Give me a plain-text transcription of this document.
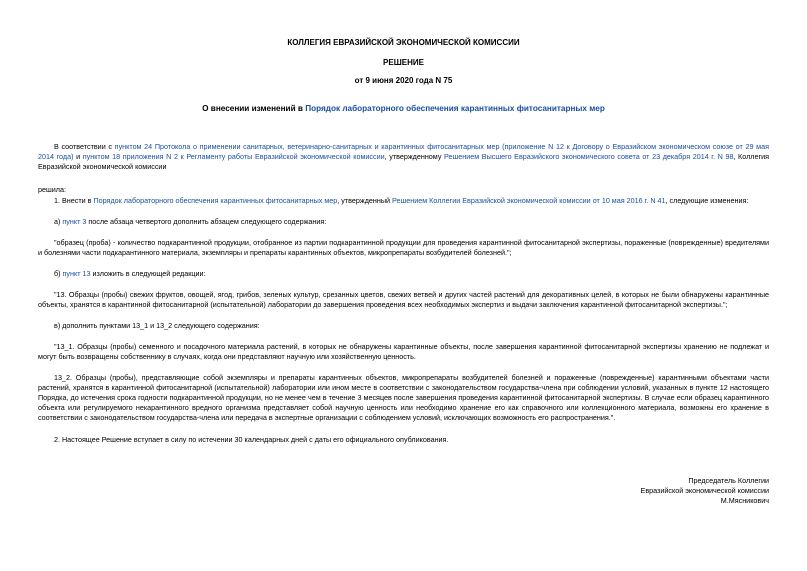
КОЛЛЕГИЯ ЕВРАЗИЙСКОЙ ЭКОНОМИЧЕСКОЙ КОМИССИИ
РЕШЕНИЕ
от 9 июня 2020 года N 75
О внесении изменений в Порядок лабораторного обеспечения карантинных фитосанитарных мер

В соответствии с пунктом 24 Протокола о применении санитарных, ветеринарно-санитарных и карантинных фитосанитарных мер (приложение N 12 к Договору о Евразийском экономическом союзе от 29 мая 2014 года) и пунктом 18 приложения N 2 к Регламенту работы Евразийской экономической комиссии, утвержденному Решением Высшего Евразийского экономического совета от 23 декабря 2014 г. N 98, Коллегия Евразийской экономической комиссии

решила:

1. Внести в Порядок лабораторного обеспечения карантинных фитосанитарных мер, утвержденный Решением Коллегии Евразийской экономической комиссии от 10 мая 2016 г. N 41, следующие изменения:

а) пункт 3 после абзаца четвертого дополнить абзацем следующего содержания:

"образец (проба) - количество подкарантинной продукции, отобранное из партии подкарантинной продукции для проведения карантинной фитосанитарной экспертизы, пораженные (поврежденные) вредителями и болезнями части подкарантинного материала, экземпляры и препараты карантинных объектов, микропрепараты возбудителей болезней.";

б) пункт 13 изложить в следующей редакции:

"13. Образцы (пробы) свежих фруктов, овощей, ягод, грибов, зеленых культур, срезанных цветов, свежих ветвей и других частей растений для декоративных целей, в которых не были обнаружены карантинные объекты, хранятся в карантинной фитосанитарной (испытательной) лаборатории до завершения проведения всех необходимых экспертиз и выдачи заключения карантинной фитосанитарной экспертизы.";

в) дополнить пунктами 13_1 и 13_2 следующего содержания:

"13_1. Образцы (пробы) семенного и посадочного материала растений, в которых не обнаружены карантинные объекты, после завершения карантинной фитосанитарной экспертизы хранению не подлежат и могут быть возвращены собственнику в случаях, когда они представляют научную или хозяйственную ценность.

13_2. Образцы (пробы), представляющие собой экземпляры и препараты карантинных объектов, микропрепараты возбудителей болезней и пораженные (поврежденные) карантинными объектами части растений, хранятся в карантинной фитосанитарной (испытательной) лаборатории или ином месте в соответствии с законодательством государства-члена при соблюдении условий, указанных в пункте 12 настоящего Порядка, до истечения срока годности подкарантинной продукции, но не менее чем в течение 3 месяцев после завершения проведения карантинной фитосанитарной экспертизы. В случае если образец карантинного объекта или регулируемого некарантинного вредного организма представляет собой научную ценность или необходимо хранение его как справочного или коллекционного материала, возможны его хранение в соответствии с законодательством государства-члена или передача в экспертные организации с соблюдением условий, исключающих возможность его распространения.".

2. Настоящее Решение вступает в силу по истечении 30 календарных дней с даты его официального опубликования.

Председатель Коллегии
Евразийской экономической комиссии
М.Мясникович
